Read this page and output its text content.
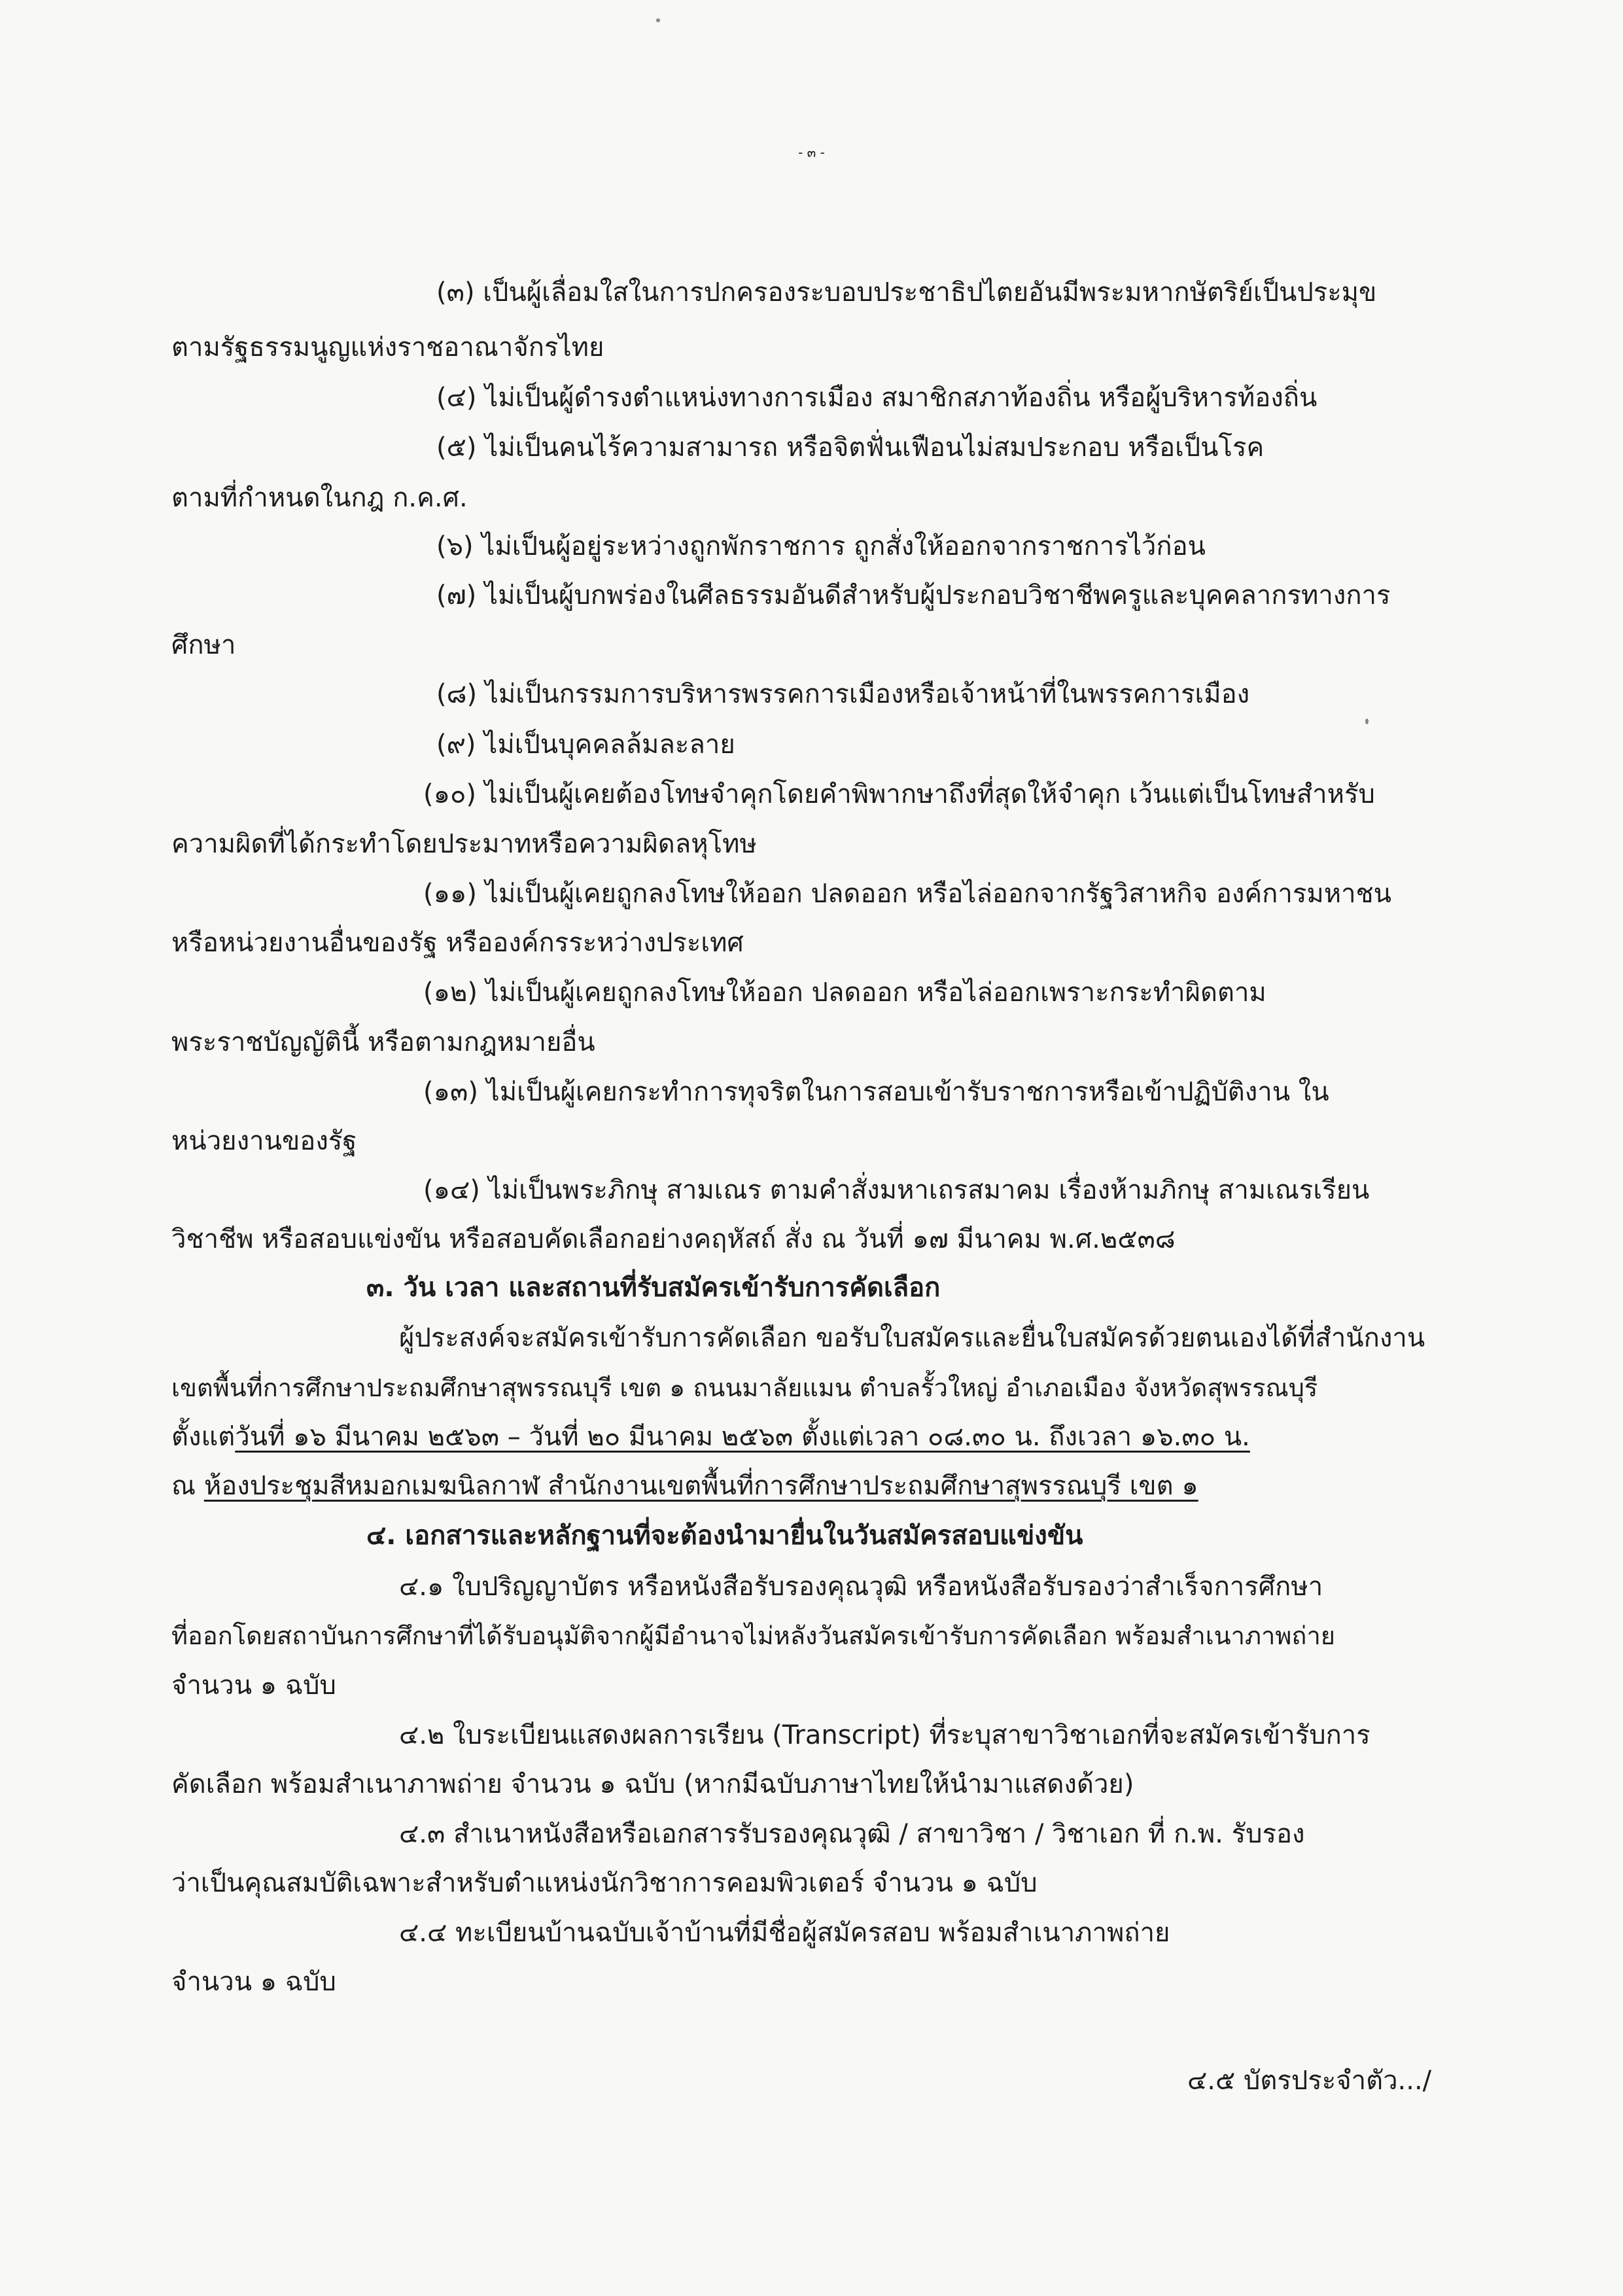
- ๓ -
(๓) เป็นผู้เลื่อมใสในการปกครองระบอบประชาธิปไตยอันมีพระมหากษัตริย์เป็นประมุข
ตามรัฐธรรมนูญแห่งราชอาณาจักรไทย
(๔) ไม่เป็นผู้ดำรงตำแหน่งทางการเมือง สมาชิกสภาท้องถิ่น หรือผู้บริหารท้องถิ่น
(๕) ไม่เป็นคนไร้ความสามารถ หรือจิตฟั่นเฟือนไม่สมประกอบ หรือเป็นโรค
ตามที่กำหนดในกฎ ก.ค.ศ.
(๖) ไม่เป็นผู้อยู่ระหว่างถูกพักราชการ ถูกสั่งให้ออกจากราชการไว้ก่อน
(๗) ไม่เป็นผู้บกพร่องในศีลธรรมอันดีสำหรับผู้ประกอบวิชาชีพครูและบุคคลากรทางการ
ศึกษา
(๘) ไม่เป็นกรรมการบริหารพรรคการเมืองหรือเจ้าหน้าที่ในพรรคการเมือง
(๙) ไม่เป็นบุคคลล้มละลาย
(๑๐) ไม่เป็นผู้เคยต้องโทษจำคุกโดยคำพิพากษาถึงที่สุดให้จำคุก เว้นแต่เป็นโทษสำหรับ
ความผิดที่ได้กระทำโดยประมาทหรือความผิดลหุโทษ
(๑๑) ไม่เป็นผู้เคยถูกลงโทษให้ออก ปลดออก หรือไล่ออกจากรัฐวิสาหกิจ องค์การมหาชน
หรือหน่วยงานอื่นของรัฐ หรือองค์กรระหว่างประเทศ
(๑๒) ไม่เป็นผู้เคยถูกลงโทษให้ออก ปลดออก หรือไล่ออกเพราะกระทำผิดตาม
พระราชบัญญัตินี้ หรือตามกฎหมายอื่น
(๑๓) ไม่เป็นผู้เคยกระทำการทุจริตในการสอบเข้ารับราชการหรือเข้าปฏิบัติงาน ใน
หน่วยงานของรัฐ
(๑๔) ไม่เป็นพระภิกษุ สามเณร ตามคำสั่งมหาเถรสมาคม เรื่องห้ามภิกษุ สามเณรเรียน
วิชาชีพ หรือสอบแข่งขัน หรือสอบคัดเลือกอย่างคฤหัสถ์ สั่ง ณ วันที่ ๑๗ มีนาคม พ.ศ.๒๕๓๘
๓. วัน เวลา และสถานที่รับสมัครเข้ารับการคัดเลือก
ผู้ประสงค์จะสมัครเข้ารับการคัดเลือก ขอรับใบสมัครและยื่นใบสมัครด้วยตนเองได้ที่สำนักงาน
เขตพื้นที่การศึกษาประถมศึกษาสุพรรณบุรี เขต ๑ ถนนมาลัยแมน ตำบลรั้วใหญ่ อำเภอเมือง จังหวัดสุพรรณบุรี
ตั้งแต่วันที่ ๑๖ มีนาคม ๒๕๖๓ – วันที่ ๒๐ มีนาคม ๒๕๖๓ ตั้งแต่เวลา ๐๘.๓๐ น. ถึงเวลา ๑๖.๓๐ น.
ณ ห้องประชุมสีหมอกเมฆนิลกาฬ สำนักงานเขตพื้นที่การศึกษาประถมศึกษาสุพรรณบุรี เขต ๑
๔. เอกสารและหลักฐานที่จะต้องนำมายื่นในวันสมัครสอบแข่งขัน
๔.๑ ใบปริญญาบัตร หรือหนังสือรับรองคุณวุฒิ หรือหนังสือรับรองว่าสำเร็จการศึกษา
ที่ออกโดยสถาบันการศึกษาที่ได้รับอนุมัติจากผู้มีอำนาจไม่หลังวันสมัครเข้ารับการคัดเลือก พร้อมสำเนาภาพถ่าย
จำนวน ๑ ฉบับ
๔.๒ ใบระเบียนแสดงผลการเรียน (Transcript) ที่ระบุสาขาวิชาเอกที่จะสมัครเข้ารับการ
คัดเลือก พร้อมสำเนาภาพถ่าย จำนวน ๑ ฉบับ (หากมีฉบับภาษาไทยให้นำมาแสดงด้วย)
๔.๓ สำเนาหนังสือหรือเอกสารรับรองคุณวุฒิ / สาขาวิชา / วิชาเอก ที่ ก.พ. รับรอง
ว่าเป็นคุณสมบัติเฉพาะสำหรับตำแหน่งนักวิชาการคอมพิวเตอร์ จำนวน ๑ ฉบับ
๔.๔ ทะเบียนบ้านฉบับเจ้าบ้านที่มีชื่อผู้สมัครสอบ พร้อมสำเนาภาพถ่าย
จำนวน ๑ ฉบับ
๔.๕ บัตรประจำตัว.../
